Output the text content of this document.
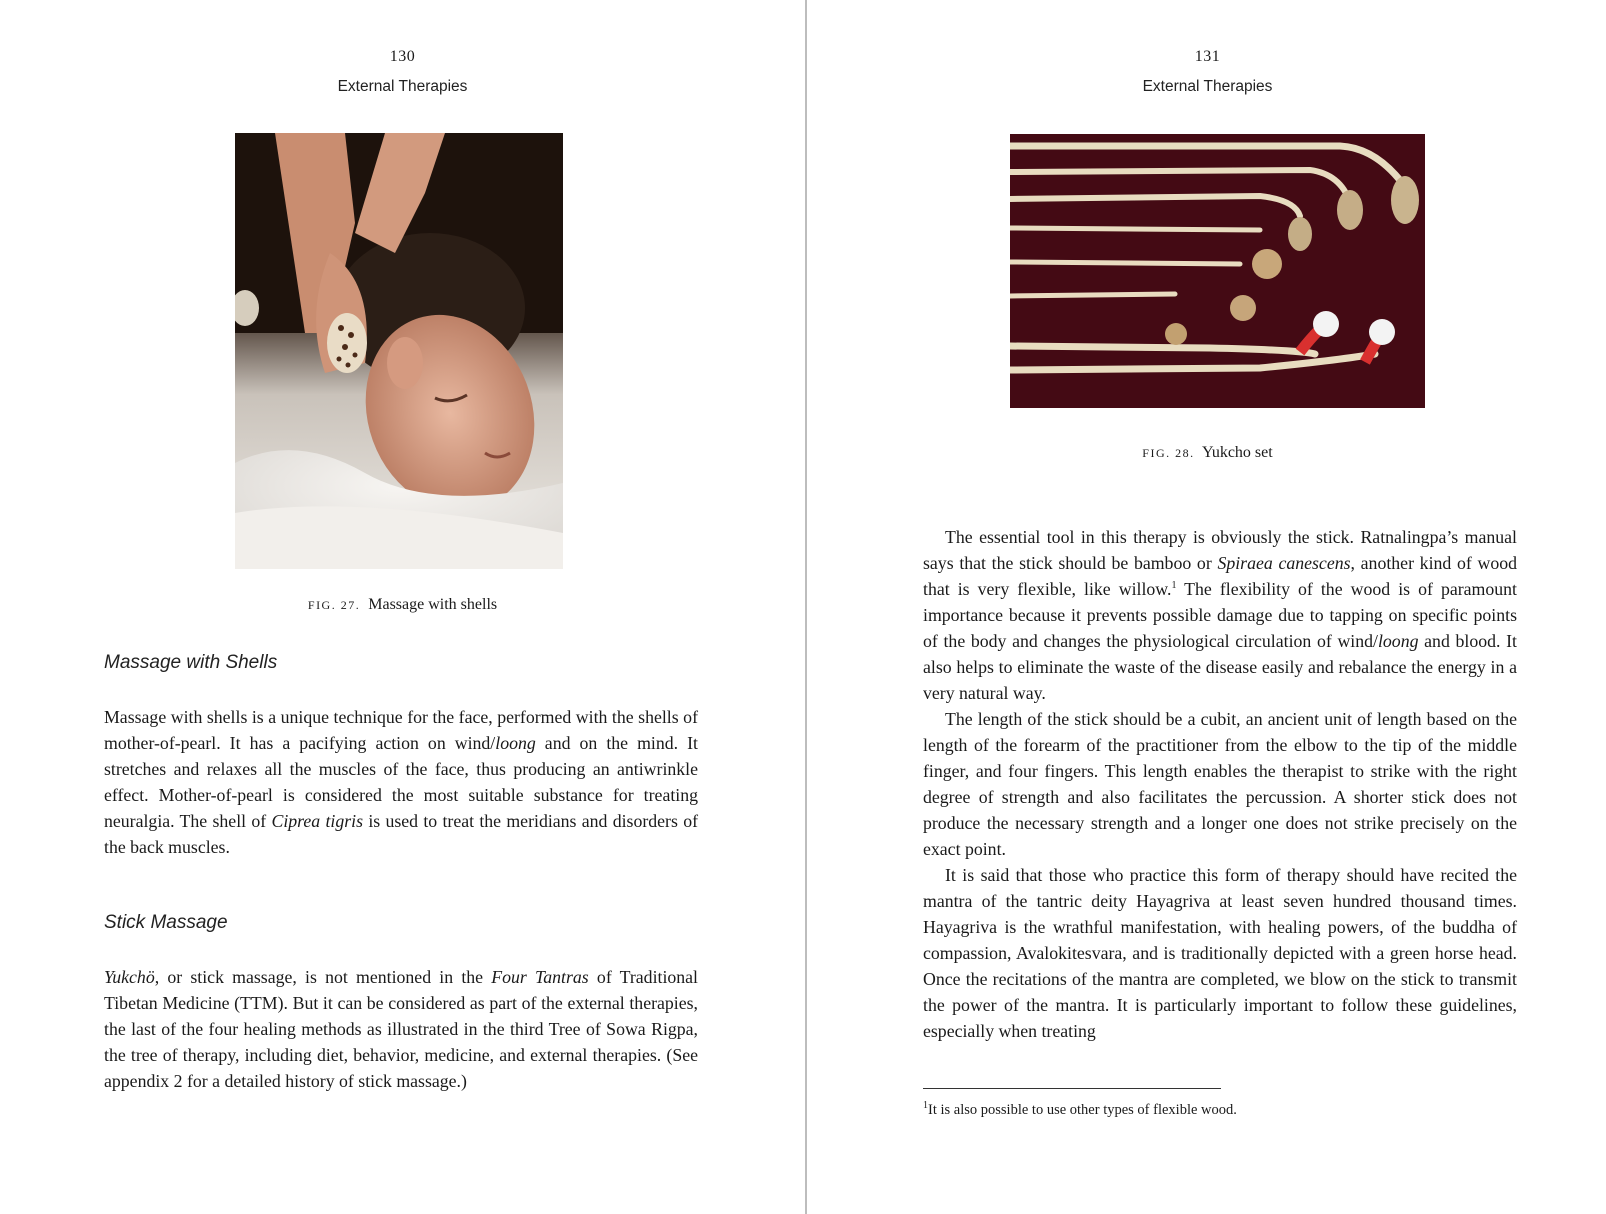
130
External Therapies
FIG. 27. Massage with shells
Massage with Shells

Massage with shells is a unique technique for the face, performed with the shells of mother-of-pearl. It has a pacifying action on wind/loong and on the mind. It stretches and relaxes all the muscles of the face, thus producing an antiwrinkle effect. Mother-of-pearl is considered the most suitable substance for treating neuralgia. The shell of Ciprea tigris is used to treat the meridians and disorders of the back muscles.

Stick Massage

Yukchö, or stick massage, is not mentioned in the Four Tantras of Traditional Tibetan Medicine (TTM). But it can be considered as part of the external therapies, the last of the four healing methods as illustrated in the third Tree of Sowa Rigpa, the tree of therapy, including diet, behavior, medicine, and external therapies. (See appendix 2 for a detailed history of stick massage.)

131
External Therapies
FIG. 28. Yukcho set

The essential tool in this therapy is obviously the stick. Ratnalingpa’s manual says that the stick should be bamboo or Spiraea canescens, another kind of wood that is very flexible, like willow.$^1$ The flexibility of the wood is of paramount importance because it prevents possible damage due to tapping on specific points of the body and changes the physiological circulation of wind/loong and blood. It also helps to eliminate the waste of the disease easily and rebalance the energy in a very natural way.

The length of the stick should be a cubit, an ancient unit of length based on the length of the forearm of the practitioner from the elbow to the tip of the middle finger, and four fingers. This length enables the therapist to strike with the right degree of strength and also facilitates the percussion. A shorter stick does not produce the necessary strength and a longer one does not strike precisely on the exact point.

It is said that those who practice this form of therapy should have recited the mantra of the tantric deity Hayagriva at least seven hundred thousand times. Hayagriva is the wrathful manifestation, with healing powers, of the buddha of compassion, Avalokitesvara, and is traditionally depicted with a green horse head. Once the recitations of the mantra are completed, we blow on the stick to transmit the power of the mantra. It is particularly important to follow these guidelines, especially when treating

$^1$It is also possible to use other types of flexible wood.
